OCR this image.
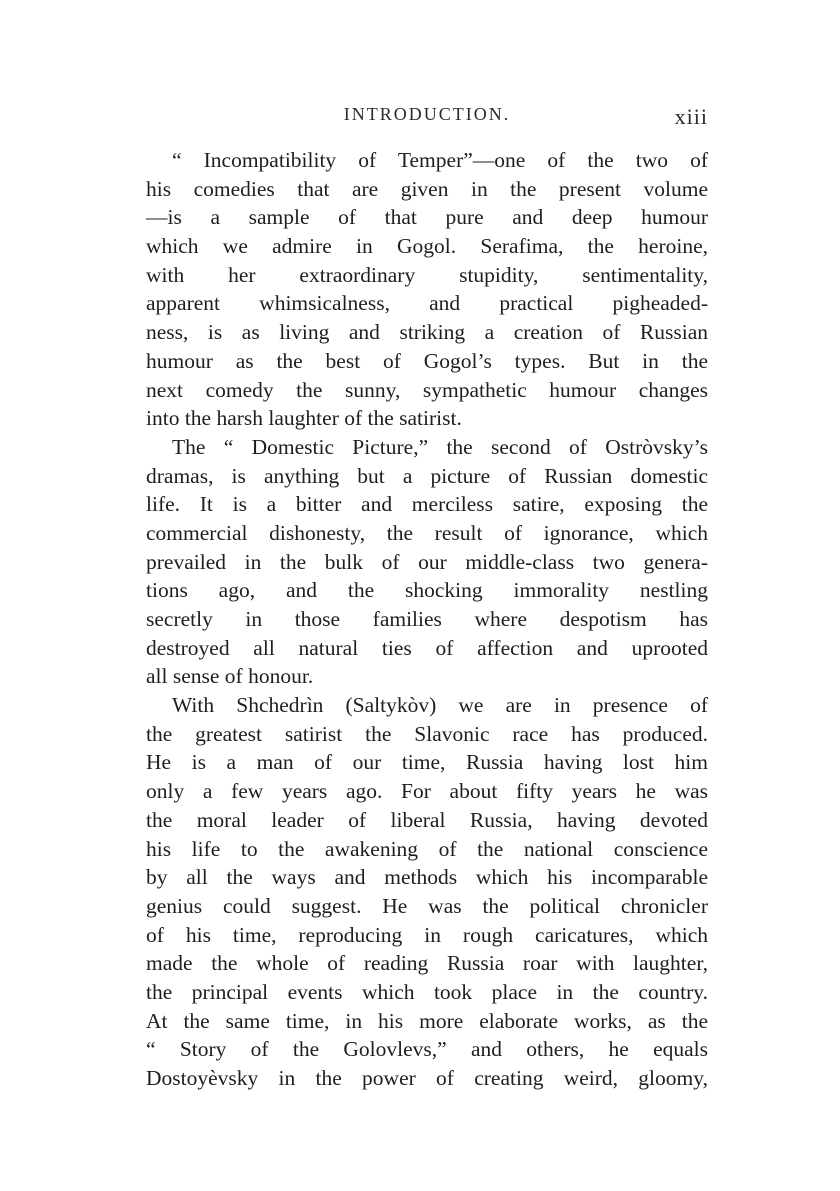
INTRODUCTION.	xiii
“ Incompatibility of Temper”—one of the two of
his comedies that are given in the present volume
—is a sample of that pure and deep humour
which we admire in Gogol. Serafima, the heroine,
with her extraordinary stupidity, sentimentality,
apparent whimsicalness, and practical pigheaded-
ness, is as living and striking a creation of Russian
humour as the best of Gogol’s types. But in the
next comedy the sunny, sympathetic humour changes
into the harsh laughter of the satirist.
The “ Domestic Picture,” the second of Ostròvsky’s
dramas, is anything but a picture of Russian domestic
life. It is a bitter and merciless satire, exposing the
commercial dishonesty, the result of ignorance, which
prevailed in the bulk of our middle-class two genera-
tions ago, and the shocking immorality nestling
secretly in those families where despotism has
destroyed all natural ties of affection and uprooted
all sense of honour.
With Shchedrìn (Saltykòv) we are in presence of
the greatest satirist the Slavonic race has produced.
He is a man of our time, Russia having lost him
only a few years ago. For about fifty years he was
the moral leader of liberal Russia, having devoted
his life to the awakening of the national conscience
by all the ways and methods which his incomparable
genius could suggest. He was the political chronicler
of his time, reproducing in rough caricatures, which
made the whole of reading Russia roar with laughter,
the principal events which took place in the country.
At the same time, in his more elaborate works, as the
“ Story of the Golovlevs,” and others, he equals
Dostoyèvsky in the power of creating weird, gloomy,
